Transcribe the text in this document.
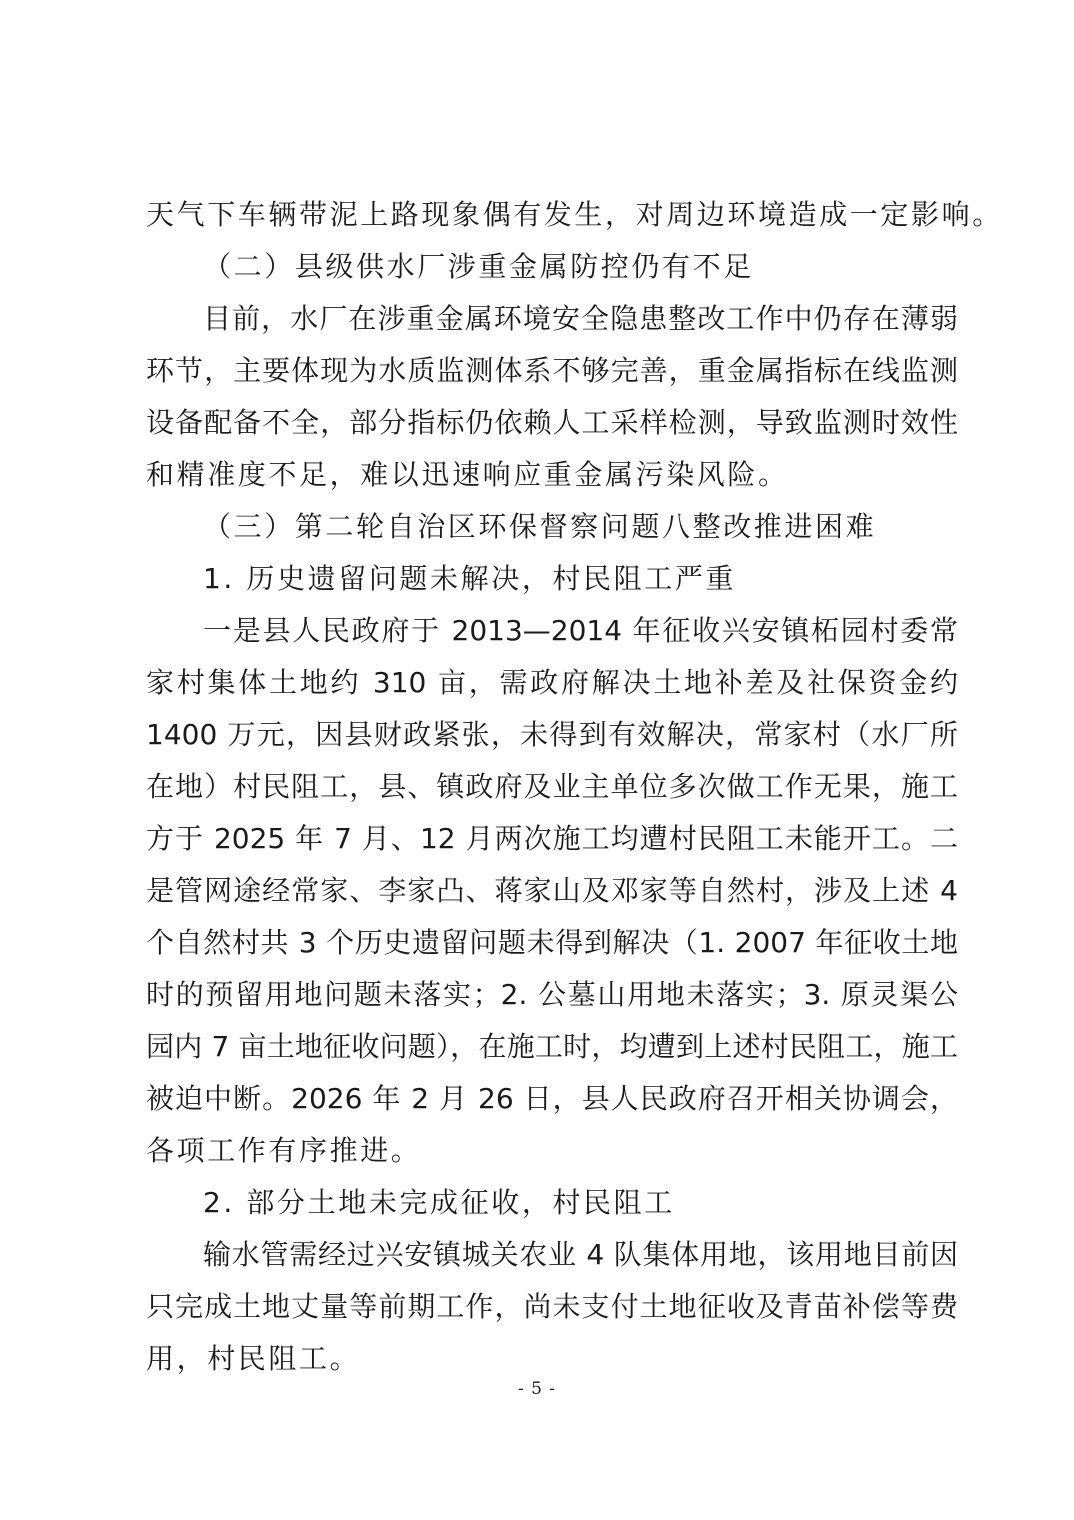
天气下车辆带泥上路现象偶有发生，对周边环境造成一定影响。
（二）县级供水厂涉重金属防控仍有不足
目前，水厂在涉重金属环境安全隐患整改工作中仍存在薄弱
环节，主要体现为水质监测体系不够完善，重金属指标在线监测
设备配备不全，部分指标仍依赖人工采样检测，导致监测时效性
和精准度不足，难以迅速响应重金属污染风险。
（三）第二轮自治区环保督察问题八整改推进困难
1. 历史遗留问题未解决，村民阻工严重
一是县人民政府于 2013—2014 年征收兴安镇柘园村委常
家村集体土地约 310 亩，需政府解决土地补差及社保资金约
1400 万元，因县财政紧张，未得到有效解决，常家村（水厂所
在地）村民阻工，县、镇政府及业主单位多次做工作无果，施工
方于 2025 年 7 月、12 月两次施工均遭村民阻工未能开工。二
是管网途经常家、李家凸、蒋家山及邓家等自然村，涉及上述 4
个自然村共 3 个历史遗留问题未得到解决（1. 2007 年征收土地
时的预留用地问题未落实；2. 公墓山用地未落实；3. 原灵渠公
园内 7 亩土地征收问题），在施工时，均遭到上述村民阻工，施工
被迫中断。2026 年 2 月 26 日，县人民政府召开相关协调会，
各项工作有序推进。
2. 部分土地未完成征收，村民阻工
输水管需经过兴安镇城关农业 4 队集体用地，该用地目前因
只完成土地丈量等前期工作，尚未支付土地征收及青苗补偿等费
用，村民阻工。
- 5 -
